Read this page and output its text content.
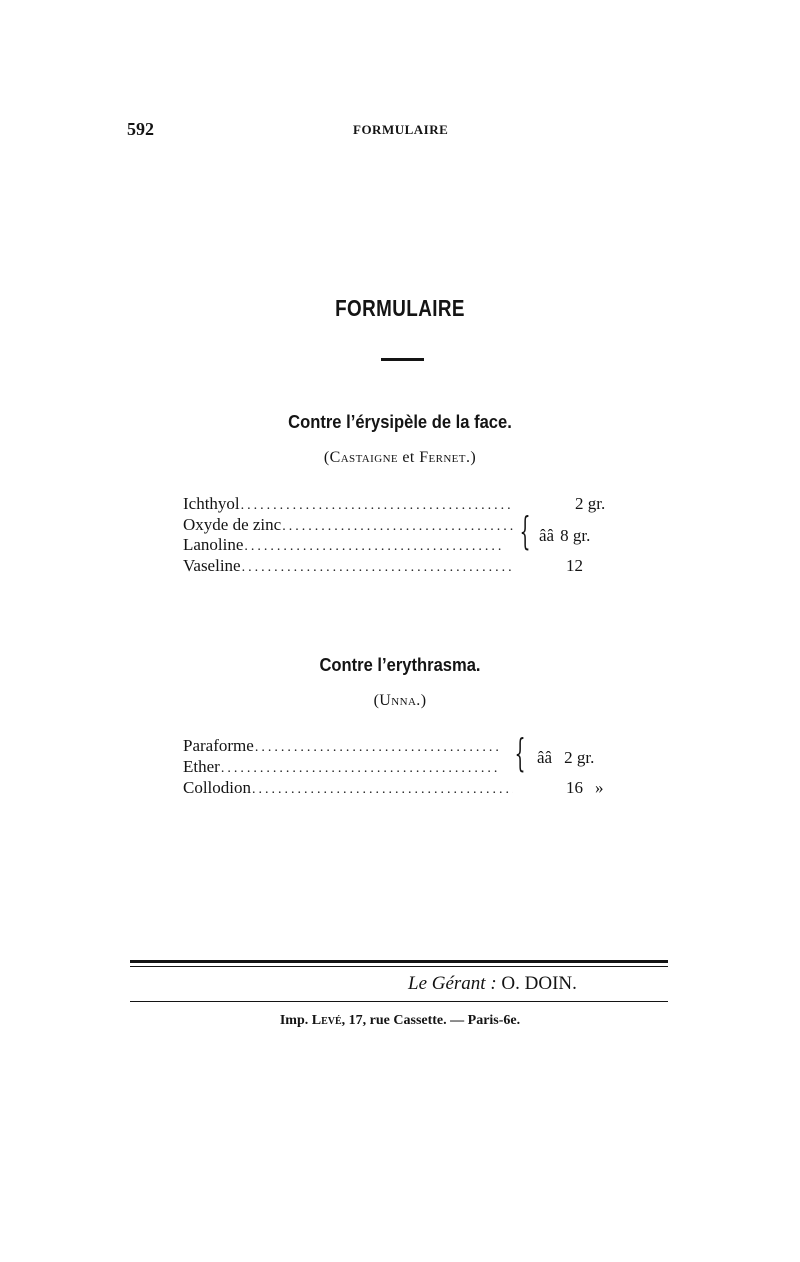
592	FORMULAIRE
FORMULAIRE
Contre l’érysipèle de la face.
(Castaigne et Fernet.)
Ichthyol
.....
Oxyde de zinc
.....
Lanoline
.....
Vaseline
.....
2 gr.
{ ââ 8 gr.
12
Contre l’erythrasma.
(Unna.)
Paraforme
.....
Ether
.....
Collodion
.....
{ ââ 2 gr.
16 »
Le Gérant : O. DOIN.
Imp. Levé, 17, rue Cassette. — Paris-6e.
